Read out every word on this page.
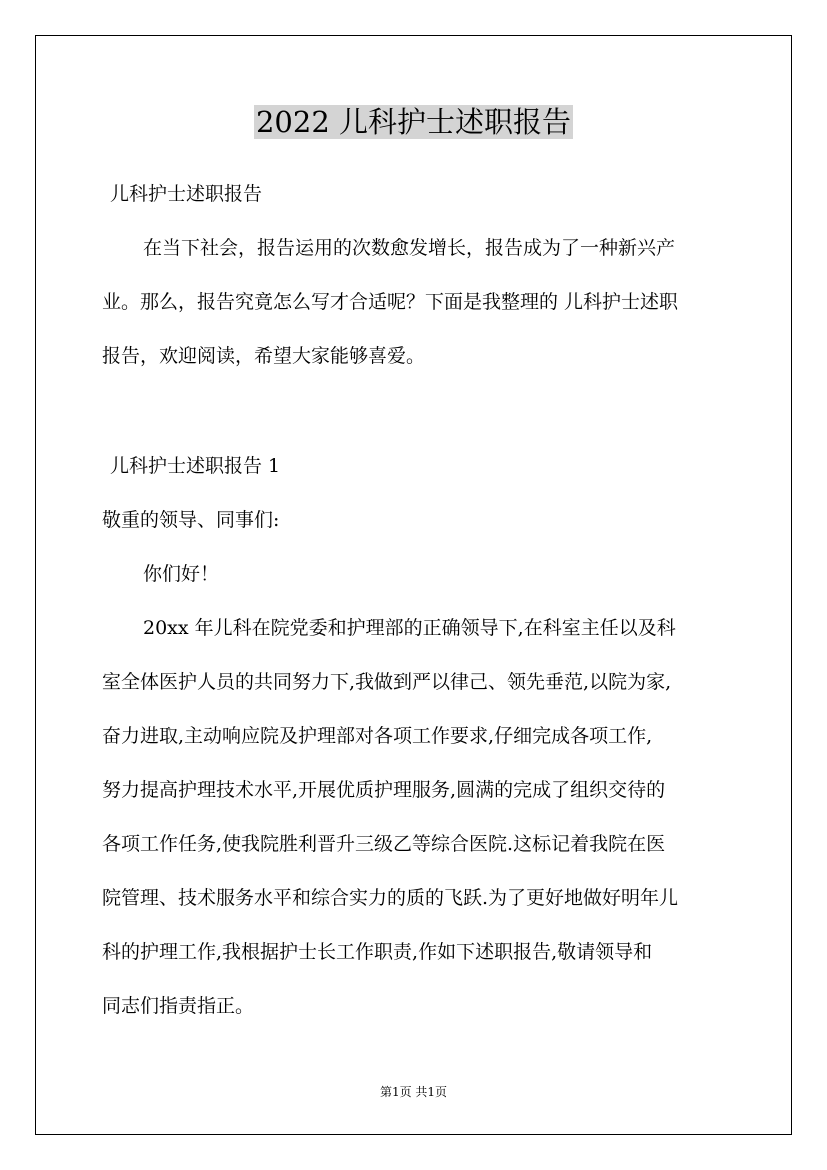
2022 儿科护士述职报告
儿科护士述职报告
在当下社会，报告运用的次数愈发增长，报告成为了一种新兴产
业。那么，报告究竟怎么写才合适呢？下面是我整理的 儿科护士述职
报告，欢迎阅读，希望大家能够喜爱。
儿科护士述职报告 1
敬重的领导、同事们:
你们好！
20xx 年儿科在院党委和护理部的正确领导下,在科室主任以及科
室全体医护人员的共同努力下,我做到严以律己、领先垂范,以院为家,
奋力进取,主动响应院及护理部对各项工作要求,仔细完成各项工作,
努力提高护理技术水平,开展优质护理服务,圆满的完成了组织交待的
各项工作任务,使我院胜利晋升三级乙等综合医院.这标记着我院在医
院管理、技术服务水平和综合实力的质的飞跃.为了更好地做好明年儿
科的护理工作,我根据护士长工作职责,作如下述职报告,敬请领导和
同志们指责指正。
第1页 共1页
